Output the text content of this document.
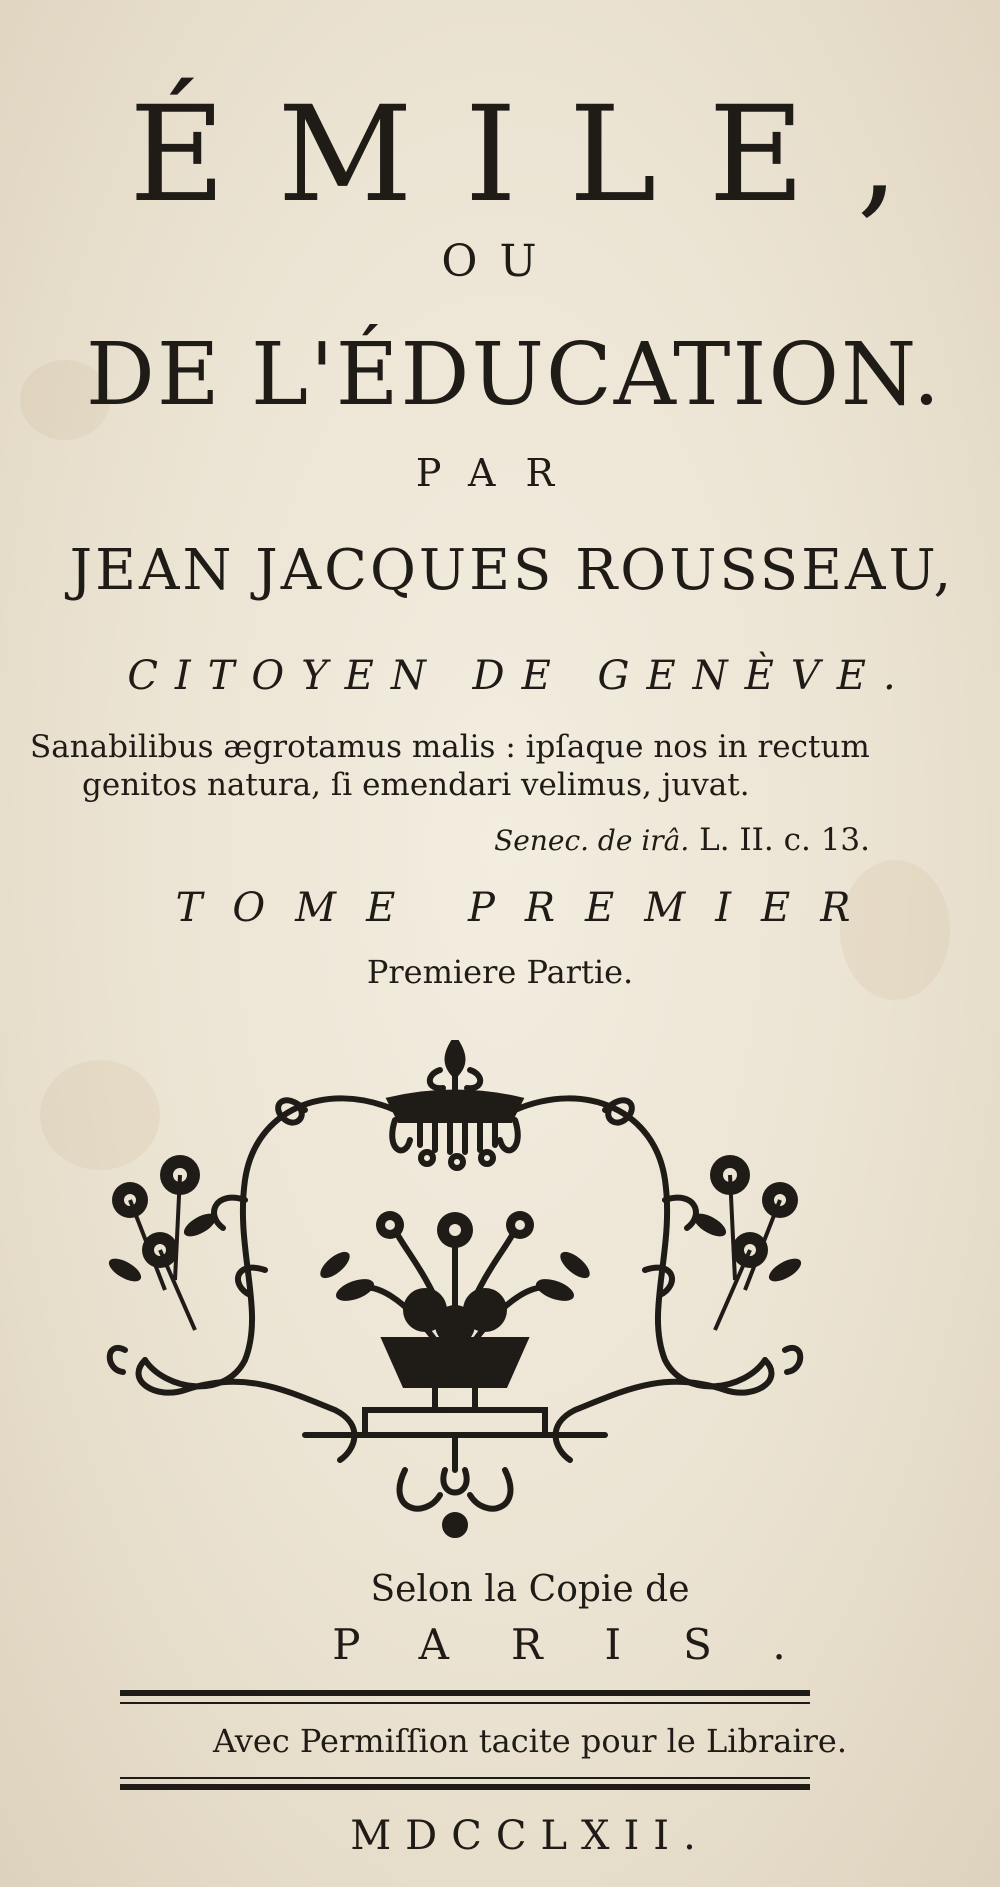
ÉMILE,
OU
DE L'ÉDUCATION.
PAR
JEAN JACQUES ROUSSEAU,
CITOYEN DE GENÈVE.
Sanabilibus ægrotamus malis : ipſaque nos in rectum
genitos natura, ſi emendari velimus, juvat.
Senec. de irâ. L. II. c. 13.
TOME PREMIER
Premiere Partie.
Selon la Copie de
PARIS.
Avec Permiſſion tacite pour le Libraire.
MDCCLXII.
